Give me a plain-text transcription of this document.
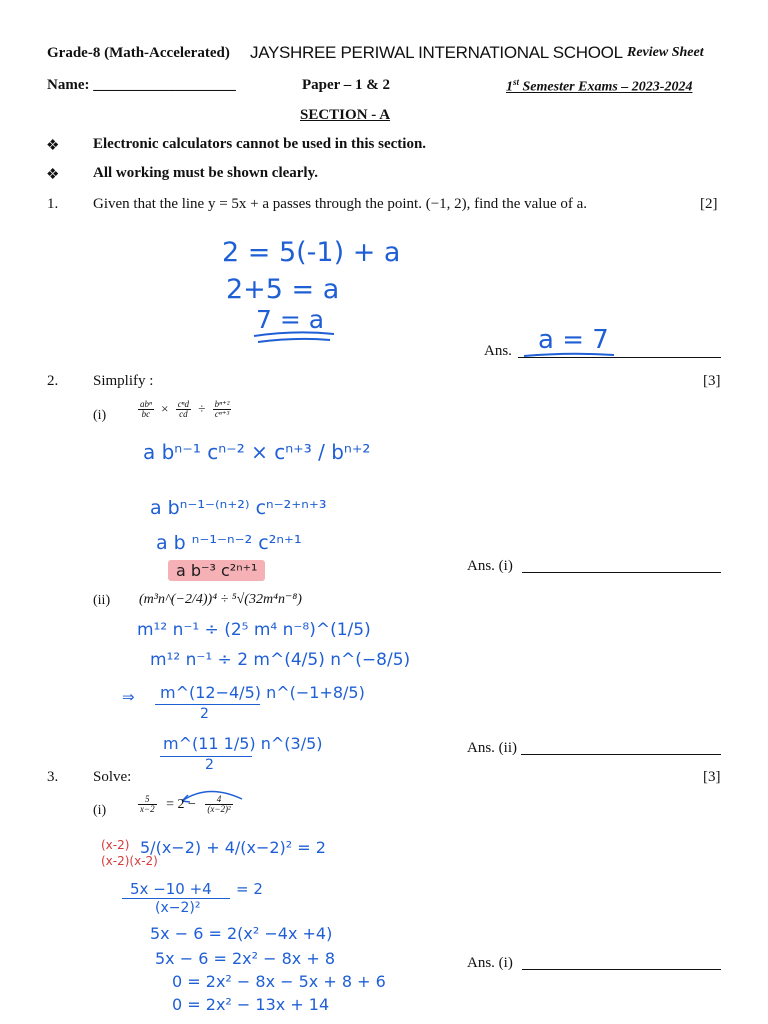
Grade-8 (Math-Accelerated) JAYSHREE PERIWAL INTERNATIONAL SCHOOL Review Sheet
Name: ___________________	Paper – 1 & 2	1st Semester Exams – 2023-2024
SECTION - A
❖ Electronic calculators cannot be used in this section.
❖ All working must be shown clearly.
1. Given that the line y = 5x + a passes through the point. (−1, 2), find the value of a.	[2]
2 = 5(-1) + a
2+5 = a
7 = a
Ans. a = 7
2. Simplify :	[3]
(i)	$\frac{\text{abⁿ}}{bc} \times \frac{\text{cⁿd}}{cd} \div \frac{\text{bⁿ⁺²}}{\text{cⁿ⁺³}}$
a bⁿ⁻¹ cⁿ⁻² × cⁿ⁺³ / bⁿ⁺²
a bⁿ⁻¹⁻⁽ⁿ⁺²⁾ cⁿ⁻²⁺ⁿ⁺³
a b ⁿ⁻¹⁻ⁿ⁻² c²ⁿ⁺¹
a b⁻³ c²ⁿ⁺¹	Ans. (i)
(ii) (m³n^(−2/4))⁴ ÷ ⁵√(32m⁴n⁻⁸)
m¹² n⁻¹ ÷ (2⁵ m⁴ n⁻⁸)^(1/5)
m¹² n⁻¹ ÷ 2 m^(4/5) n^(−8/5)
⇒ m^(12−4/5) n^(−1+8/5)
2
m^(11 1/5) n^(3/5)
2
Ans. (ii)
3. Solve:	[3]
(i)	$\frac{5}{x-2} = 2 - \frac{4}{\text{(x−2)²}}$
(x-2)
(x-2)(x-2)
5/(x−2) + 4/(x−2)² = 2
5x −10 +4
(x−2)²
= 2
5x − 6 = 2(x² −4x +4)
5x − 6 = 2x² − 8x + 8
0 = 2x² − 8x − 5x + 8 + 6
0 = 2x² − 13x + 14
Ans. (i)
